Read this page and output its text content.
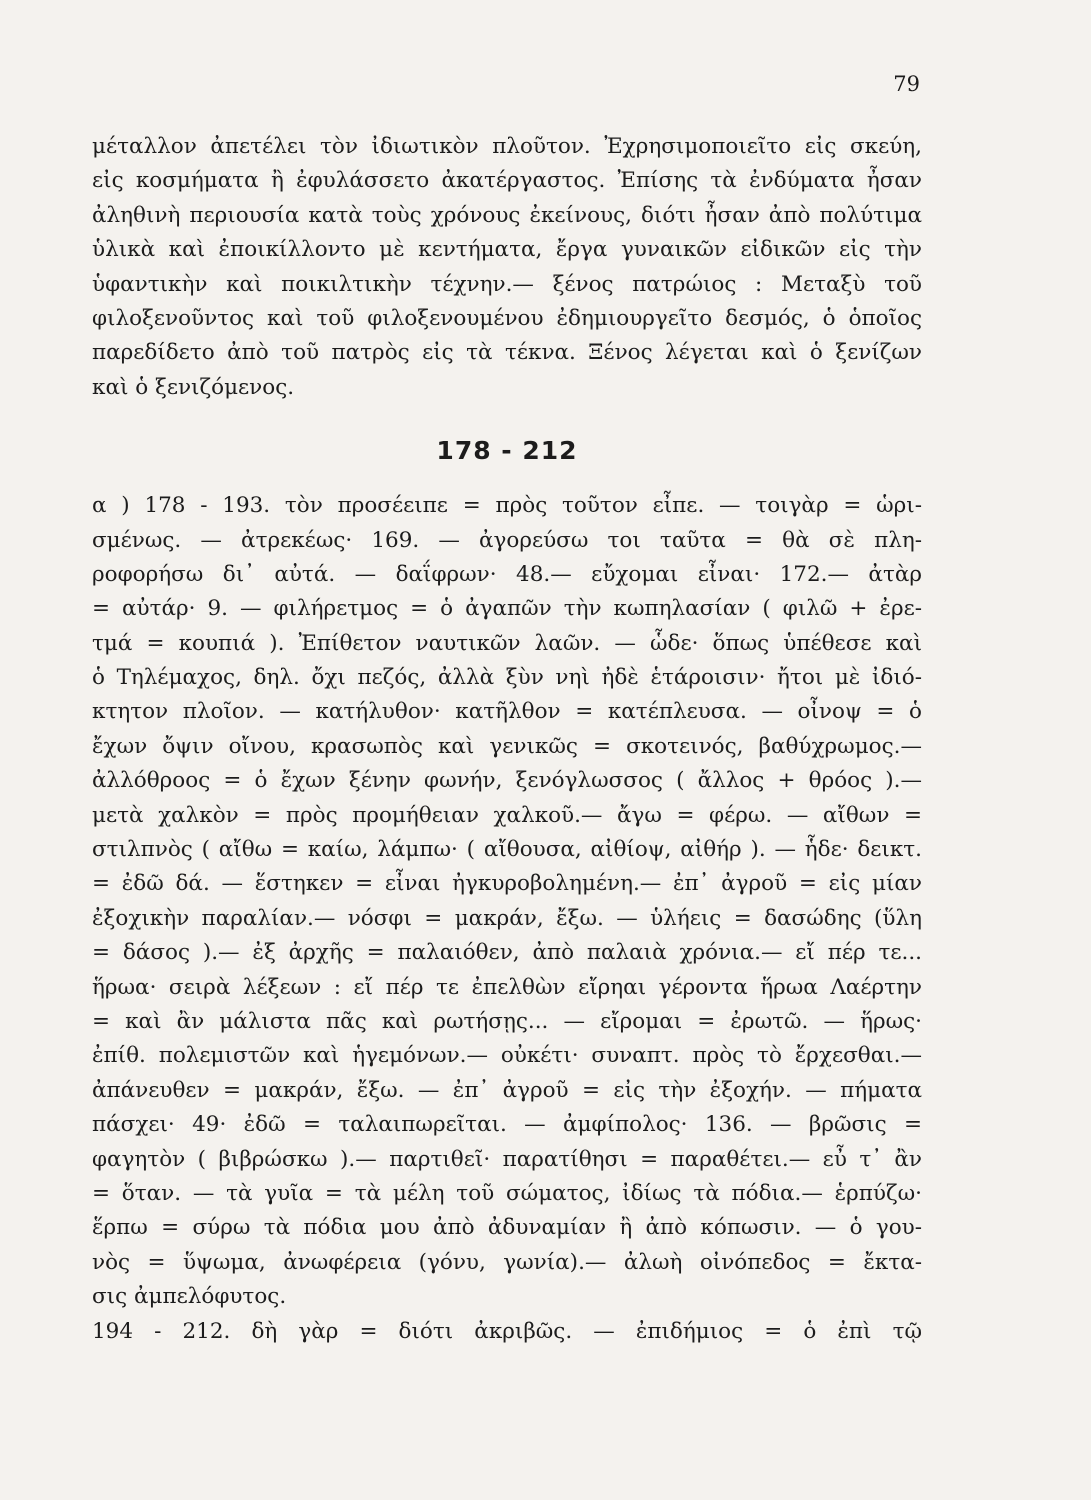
79
μέταλλον ἀπετέλει τὸν ἰδιωτικὸν πλοῦτον. Ἐχρησιμοποιεῖτο εἰς σκεύη,
εἰς κοσμήματα ἢ ἐφυλάσσετο ἀκατέργαστος. Ἐπίσης τὰ ἐνδύματα ἦσαν
ἀληθινὴ περιουσία κατὰ τοὺς χρόνους ἐκείνους, διότι ἦσαν ἀπὸ πολύτιμα
ὑλικὰ καὶ ἐποικίλλοντο μὲ κεντήματα, ἔργα γυναικῶν εἰδικῶν εἰς τὴν
ὑφαντικὴν καὶ ποικιλτικὴν τέχνην.— ξένος πατρώιος : Μεταξὺ τοῦ
φιλοξενοῦντος καὶ τοῦ φιλοξενουμένου ἐδημιουργεῖτο δεσμός, ὁ ὁποῖος
παρεδίδετο ἀπὸ τοῦ πατρὸς εἰς τὰ τέκνα. Ξένος λέγεται καὶ ὁ ξενίζων
καὶ ὁ ξενιζόμενος.
178 - 212
α ) 178 - 193. τὸν προσέειπε = πρὸς τοῦτον εἶπε. — τοιγὰρ = ὡρι-
σμένως. — ἀτρεκέως· 169. — ἀγορεύσω τοι ταῦτα = θὰ σὲ πλη-
ροφορήσω δι᾿ αὐτά. — δαΐφρων· 48.— εὔχομαι εἶναι· 172.— ἀτὰρ
= αὐτάρ· 9. — φιλήρετμος = ὁ ἀγαπῶν τὴν κωπηλασίαν ( φιλῶ + ἐρε-
τμά = κουπιά ). Ἐπίθετον ναυτικῶν λαῶν. — ὧδε· ὅπως ὑπέθεσε καὶ
ὁ Τηλέμαχος, δηλ. ὄχι πεζός, ἀλλὰ ξὺν νηὶ ἠδὲ ἑτάροισιν· ἤτοι μὲ ἰδιό-
κτητον πλοῖον. — κατήλυθον· κατῆλθον = κατέπλευσα. — οἶνοψ = ὁ
ἔχων ὄψιν οἴνου, κρασωπὸς καὶ γενικῶς = σκοτεινός, βαθύχρωμος.—
ἀλλόθροος = ὁ ἔχων ξένην φωνήν, ξενόγλωσσος ( ἄλλος + θρόος ).—
μετὰ χαλκὸν = πρὸς προμήθειαν χαλκοῦ.— ἄγω = φέρω. — αἴθων =
στιλπνὸς ( αἴθω = καίω, λάμπω· ( αἴθουσα, αἰθίοψ, αἰθήρ ). — ἧδε· δεικτ.
= ἐδῶ δά. — ἕστηκεν = εἶναι ἠγκυροβολημένη.— ἐπ᾿ ἀγροῦ = εἰς μίαν
ἐξοχικὴν παραλίαν.— νόσφι = μακράν, ἔξω. — ὑλήεις = δασώδης (ὕλη
= δάσος ).— ἐξ ἀρχῆς = παλαιόθεν, ἀπὸ παλαιὰ χρόνια.— εἴ πέρ τε...
ἥρωα· σειρὰ λέξεων : εἴ πέρ τε ἐπελθὼν εἴρηαι γέροντα ἥρωα Λαέρτην
= καὶ ἂν μάλιστα πᾶς καὶ ρωτήσῃς... — εἴρομαι = ἐρωτῶ. — ἥρως·
ἐπίθ. πολεμιστῶν καὶ ἡγεμόνων.— οὐκέτι· συναπτ. πρὸς τὸ ἔρχεσθαι.—
ἀπάνευθεν = μακράν, ἔξω. — ἐπ᾿ ἀγροῦ = εἰς τὴν ἐξοχήν. — πήματα
πάσχει· 49· ἐδῶ = ταλαιπωρεῖται. — ἀμφίπολος· 136. — βρῶσις =
φαγητὸν ( βιβρώσκω ).— παρτιθεῖ· παρατίθησι = παραθέτει.— εὖ τ᾿ ἂν
= ὅταν. — τὰ γυῖα = τὰ μέλη τοῦ σώματος, ἰδίως τὰ πόδια.— ἑρπύζω·
ἕρπω = σύρω τὰ πόδια μου ἀπὸ ἀδυναμίαν ἢ ἀπὸ κόπωσιν. — ὁ γου-
νὸς = ὕψωμα, ἀνωφέρεια (γόνυ, γωνία).— ἀλωὴ οἰνόπεδος = ἔκτα-
σις ἀμπελόφυτος.
194 - 212. δὴ γὰρ = διότι ἀκριβῶς. — ἐπιδήμιος = ὁ ἐπὶ τῷ
